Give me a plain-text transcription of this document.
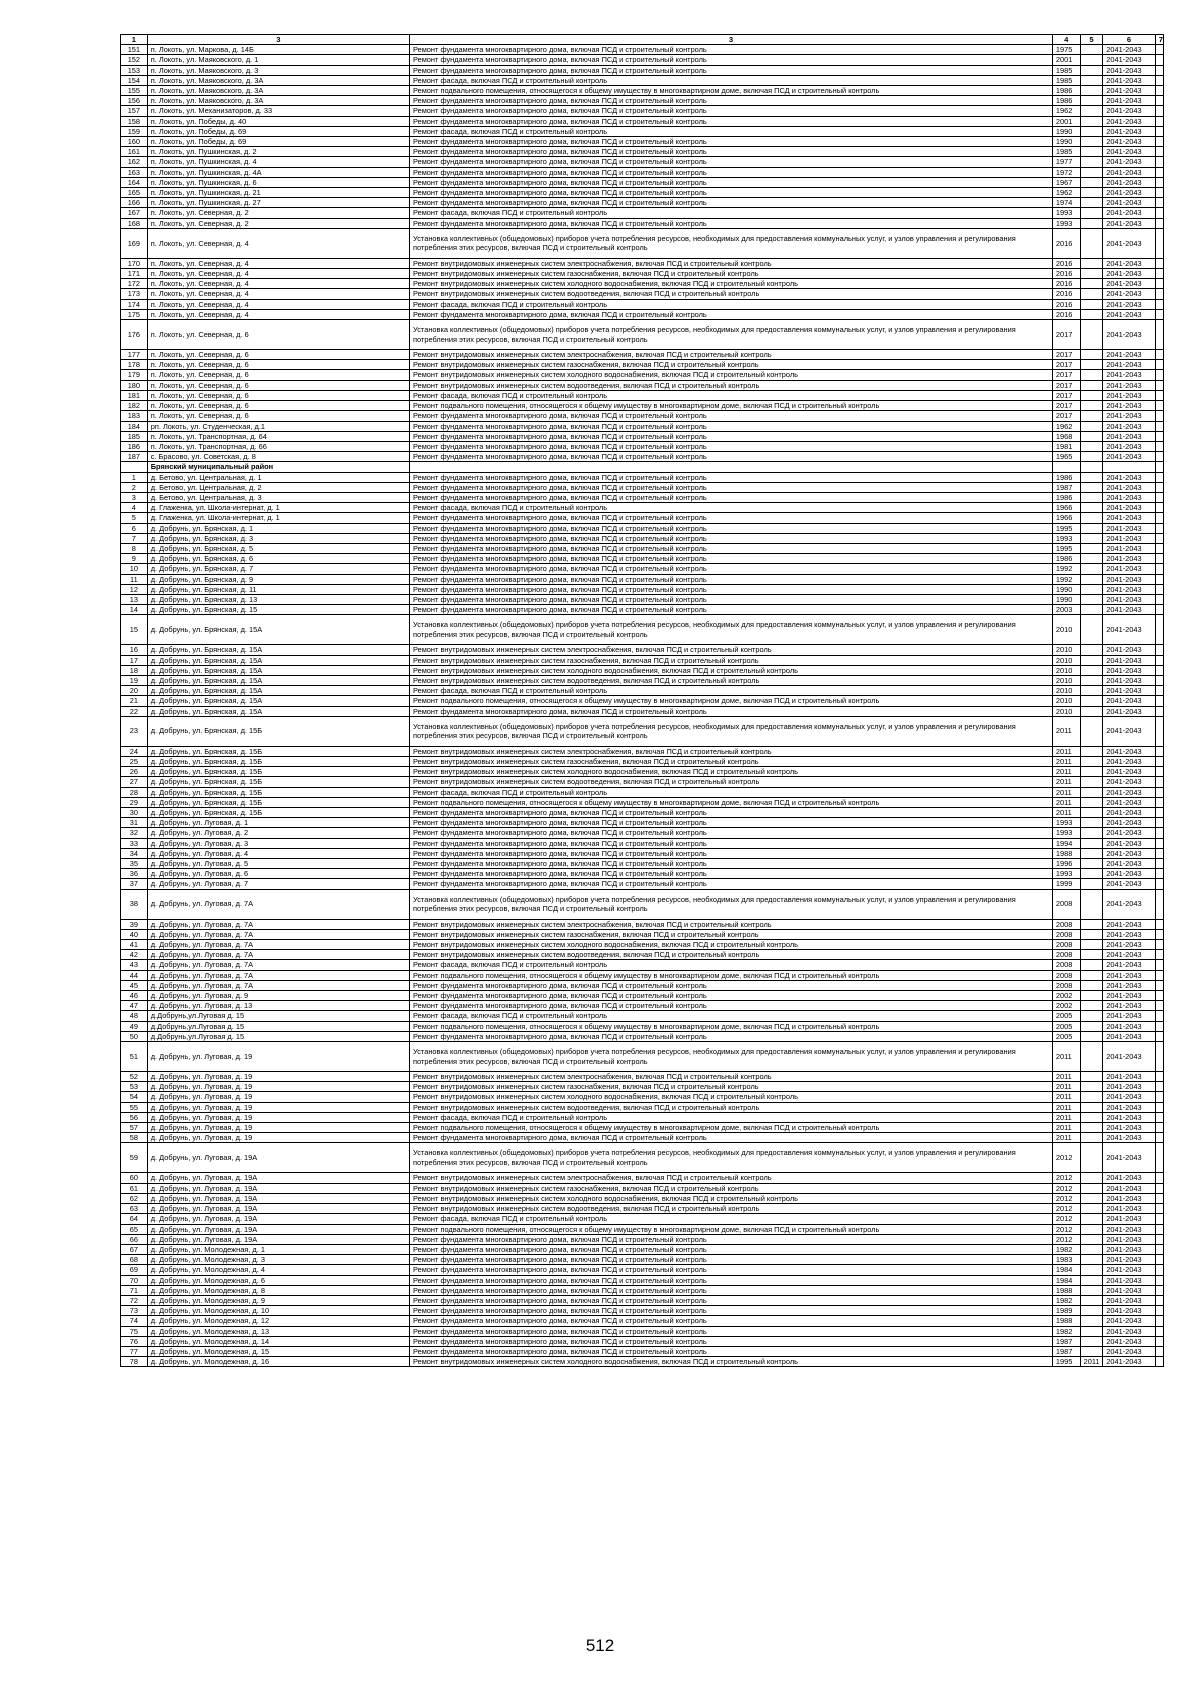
1	3	3	4	5	6	7
151	п. Локоть, ул. Маркова, д. 14Б	Ремонт фундамента многоквартирного дома, включая ПСД и строительный контроль	1975		2041-2043	
152	п. Локоть, ул. Маяковского, д. 1	Ремонт фундамента многоквартирного дома, включая ПСД и строительный контроль	2001		2041-2043	
153	п. Локоть, ул. Маяковского, д. 3	Ремонт фундамента многоквартирного дома, включая ПСД и строительный контроль	1985		2041-2043	
154	п. Локоть, ул. Маяковского, д. 3А	Ремонт фасада, включая ПСД и строительный контроль	1985		2041-2043	
155	п. Локоть, ул. Маяковского, д. 3А	Ремонт подвального помещения, относящегося к общему имуществу в многоквартирном доме, включая ПСД и строительный контроль	1986		2041-2043	
156	п. Локоть, ул. Маяковского, д. 3А	Ремонт фундамента многоквартирного дома, включая ПСД и строительный контроль	1986		2041-2043	
157	п. Локоть, ул. Механизаторов, д. 33	Ремонт фундамента многоквартирного дома, включая ПСД и строительный контроль	1962		2041-2043	
158	п. Локоть, ул. Победы, д. 40	Ремонт фундамента многоквартирного дома, включая ПСД и строительный контроль	2001		2041-2043	
159	п. Локоть, ул. Победы, д. 69	Ремонт фасада, включая ПСД и строительный контроль	1990		2041-2043	
160	п. Локоть, ул. Победы, д. 69	Ремонт фундамента многоквартирного дома, включая ПСД и строительный контроль	1990		2041-2043	
161	п. Локоть, ул. Пушкинская, д. 2	Ремонт фундамента многоквартирного дома, включая ПСД и строительный контроль	1985		2041-2043	
162	п. Локоть, ул. Пушкинская, д. 4	Ремонт фундамента многоквартирного дома, включая ПСД и строительный контроль	1977		2041-2043	
163	п. Локоть, ул. Пушкинская, д. 4А	Ремонт фундамента многоквартирного дома, включая ПСД и строительный контроль	1972		2041-2043	
164	п. Локоть, ул. Пушкинская, д. 6	Ремонт фундамента многоквартирного дома, включая ПСД и строительный контроль	1967		2041-2043	
165	п. Локоть, ул. Пушкинская, д. 21	Ремонт фундамента многоквартирного дома, включая ПСД и строительный контроль	1962		2041-2043	
166	п. Локоть, ул. Пушкинская, д. 27	Ремонт фундамента многоквартирного дома, включая ПСД и строительный контроль	1974		2041-2043	
167	п. Локоть, ул. Северная, д. 2	Ремонт фасада, включая ПСД и строительный контроль	1993		2041-2043	
168	п. Локоть, ул. Северная, д. 2	Ремонт фундамента многоквартирного дома, включая ПСД и строительный контроль	1993		2041-2043	
169	п. Локоть, ул. Северная, д. 4	Установка коллективных (общедомовых) приборов учета потребления ресурсов, необходимых для предоставления коммунальных услуг, и узлов управления и регулирования потребления этих ресурсов, включая ПСД и строительный контроль	2016		2041-2043	
170	п. Локоть, ул. Северная, д. 4	Ремонт внутридомовых инженерных систем электроснабжения, включая ПСД и строительный контроль	2016		2041-2043	
171	п. Локоть, ул. Северная, д. 4	Ремонт внутридомовых инженерных систем газоснабжения, включая ПСД и строительный контроль	2016		2041-2043	
172	п. Локоть, ул. Северная, д. 4	Ремонт внутридомовых инженерных систем холодного водоснабжения, включая ПСД и строительный контроль	2016		2041-2043	
173	п. Локоть, ул. Северная, д. 4	Ремонт внутридомовых инженерных систем водоотведения, включая ПСД и строительный контроль	2016		2041-2043	
174	п. Локоть, ул. Северная, д. 4	Ремонт фасада, включая ПСД и строительный контроль	2016		2041-2043	
175	п. Локоть, ул. Северная, д. 4	Ремонт фундамента многоквартирного дома, включая ПСД и строительный контроль	2016		2041-2043	
176	п. Локоть, ул. Северная, д. 6	Установка коллективных (общедомовых) приборов учета потребления ресурсов, необходимых для предоставления коммунальных услуг, и узлов управления и регулирования потребления этих ресурсов, включая ПСД и строительный контроль	2017		2041-2043	
177	п. Локоть, ул. Северная, д. 6	Ремонт внутридомовых инженерных систем электроснабжения, включая ПСД и строительный контроль	2017		2041-2043	
178	п. Локоть, ул. Северная, д. 6	Ремонт внутридомовых инженерных систем газоснабжения, включая ПСД и строительный контроль	2017		2041-2043	
179	п. Локоть, ул. Северная, д. 6	Ремонт внутридомовых инженерных систем холодного водоснабжения, включая ПСД и строительный контроль	2017		2041-2043	
180	п. Локоть, ул. Северная, д. 6	Ремонт внутридомовых инженерных систем водоотведения, включая ПСД и строительный контроль	2017		2041-2043	
181	п. Локоть, ул. Северная, д. 6	Ремонт фасада, включая ПСД и строительный контроль	2017		2041-2043	
182	п. Локоть, ул. Северная, д. 6	Ремонт подвального помещения, относящегося к общему имуществу в многоквартирном доме, включая ПСД и строительный контроль	2017		2041-2043	
183	п. Локоть, ул. Северная, д. 6	Ремонт фундамента многоквартирного дома, включая ПСД и строительный контроль	2017		2041-2043	
184	рп. Локоть, ул. Студенческая, д.1	Ремонт фундамента многоквартирного дома, включая ПСД и строительный контроль	1962		2041-2043	
185	п. Локоть, ул. Транспортная, д. 64	Ремонт фундамента многоквартирного дома, включая ПСД и строительный контроль	1968		2041-2043	
186	п. Локоть, ул. Транспортная, д. 66	Ремонт фундамента многоквартирного дома, включая ПСД и строительный контроль	1981		2041-2043	
187	с. Брасово, ул. Советская, д. 8	Ремонт фундамента многоквартирного дома, включая ПСД и строительный контроль	1965		2041-2043	
	Брянский муниципальный район					
1	д. Бетово, ул. Центральная, д. 1	Ремонт фундамента многоквартирного дома, включая ПСД и строительный контроль	1986		2041-2043	
2	д. Бетово, ул. Центральная, д. 2	Ремонт фундамента многоквартирного дома, включая ПСД и строительный контроль	1987		2041-2043	
3	д. Бетово, ул. Центральная, д. 3	Ремонт фундамента многоквартирного дома, включая ПСД и строительный контроль	1986		2041-2043	
4	д. Глаженка, ул. Школа-интернат, д. 1	Ремонт фасада, включая ПСД и строительный контроль	1966		2041-2043	
5	д. Глаженка, ул. Школа-интернат, д. 1	Ремонт фундамента многоквартирного дома, включая ПСД и строительный контроль	1966		2041-2043	
6	д. Добрунь, ул. Брянская, д. 1	Ремонт фундамента многоквартирного дома, включая ПСД и строительный контроль	1995		2041-2043	
7	д. Добрунь, ул. Брянская, д. 3	Ремонт фундамента многоквартирного дома, включая ПСД и строительный контроль	1993		2041-2043	
8	д. Добрунь, ул. Брянская, д. 5	Ремонт фундамента многоквартирного дома, включая ПСД и строительный контроль	1995		2041-2043	
9	д. Добрунь, ул. Брянская, д. 6	Ремонт фундамента многоквартирного дома, включая ПСД и строительный контроль	1986		2041-2043	
10	д. Добрунь, ул. Брянская, д. 7	Ремонт фундамента многоквартирного дома, включая ПСД и строительный контроль	1992		2041-2043	
11	д. Добрунь, ул. Брянская, д. 9	Ремонт фундамента многоквартирного дома, включая ПСД и строительный контроль	1992		2041-2043	
12	д. Добрунь, ул. Брянская, д. 11	Ремонт фундамента многоквартирного дома, включая ПСД и строительный контроль	1990		2041-2043	
13	д. Добрунь, ул. Брянская, д. 13	Ремонт фундамента многоквартирного дома, включая ПСД и строительный контроль	1990		2041-2043	
14	д. Добрунь, ул. Брянская, д. 15	Ремонт фундамента многоквартирного дома, включая ПСД и строительный контроль	2003		2041-2043	
15	д. Добрунь, ул. Брянская, д. 15А	Установка коллективных (общедомовых) приборов учета потребления ресурсов, необходимых для предоставления коммунальных услуг, и узлов управления и регулирования потребления этих ресурсов, включая ПСД и строительный контроль	2010		2041-2043	
16	д. Добрунь, ул. Брянская, д. 15А	Ремонт внутридомовых инженерных систем электроснабжения, включая ПСД и строительный контроль	2010		2041-2043	
17	д. Добрунь, ул. Брянская, д. 15А	Ремонт внутридомовых инженерных систем газоснабжения, включая ПСД и строительный контроль	2010		2041-2043	
18	д. Добрунь, ул. Брянская, д. 15А	Ремонт внутридомовых инженерных систем холодного водоснабжения, включая ПСД и строительный контроль	2010		2041-2043	
19	д. Добрунь, ул. Брянская, д. 15А	Ремонт внутридомовых инженерных систем водоотведения, включая ПСД и строительный контроль	2010		2041-2043	
20	д. Добрунь, ул. Брянская, д. 15А	Ремонт фасада, включая ПСД и строительный контроль	2010		2041-2043	
21	д. Добрунь, ул. Брянская, д. 15А	Ремонт подвального помещения, относящегося к общему имуществу в многоквартирном доме, включая ПСД и строительный контроль	2010		2041-2043	
22	д. Добрунь, ул. Брянская, д. 15А	Ремонт фундамента многоквартирного дома, включая ПСД и строительный контроль	2010		2041-2043	
23	д. Добрунь, ул. Брянская, д. 15Б	Установка коллективных (общедомовых) приборов учета потребления ресурсов, необходимых для предоставления коммунальных услуг, и узлов управления и регулирования потребления этих ресурсов, включая ПСД и строительный контроль	2011		2041-2043	
24	д. Добрунь, ул. Брянская, д. 15Б	Ремонт внутридомовых инженерных систем электроснабжения, включая ПСД и строительный контроль	2011		2041-2043	
25	д. Добрунь, ул. Брянская, д. 15Б	Ремонт внутридомовых инженерных систем газоснабжения, включая ПСД и строительный контроль	2011		2041-2043	
26	д. Добрунь, ул. Брянская, д. 15Б	Ремонт внутридомовых инженерных систем холодного водоснабжения, включая ПСД и строительный контроль	2011		2041-2043	
27	д. Добрунь, ул. Брянская, д. 15Б	Ремонт внутридомовых инженерных систем водоотведения, включая ПСД и строительный контроль	2011		2041-2043	
28	д. Добрунь, ул. Брянская, д. 15Б	Ремонт фасада, включая ПСД и строительный контроль	2011		2041-2043	
29	д. Добрунь, ул. Брянская, д. 15Б	Ремонт подвального помещения, относящегося к общему имуществу в многоквартирном доме, включая ПСД и строительный контроль	2011		2041-2043	
30	д. Добрунь, ул. Брянская, д. 15Б	Ремонт фундамента многоквартирного дома, включая ПСД и строительный контроль	2011		2041-2043	
31	д. Добрунь, ул. Луговая, д. 1	Ремонт фундамента многоквартирного дома, включая ПСД и строительный контроль	1993		2041-2043	
32	д. Добрунь, ул. Луговая, д. 2	Ремонт фундамента многоквартирного дома, включая ПСД и строительный контроль	1993		2041-2043	
33	д. Добрунь, ул. Луговая, д. 3	Ремонт фундамента многоквартирного дома, включая ПСД и строительный контроль	1994		2041-2043	
34	д. Добрунь, ул. Луговая, д. 4	Ремонт фундамента многоквартирного дома, включая ПСД и строительный контроль	1988		2041-2043	
35	д. Добрунь, ул. Луговая, д. 5	Ремонт фундамента многоквартирного дома, включая ПСД и строительный контроль	1996		2041-2043	
36	д. Добрунь, ул. Луговая, д. 6	Ремонт фундамента многоквартирного дома, включая ПСД и строительный контроль	1993		2041-2043	
37	д. Добрунь, ул. Луговая, д. 7	Ремонт фундамента многоквартирного дома, включая ПСД и строительный контроль	1999		2041-2043	
38	д. Добрунь, ул. Луговая, д. 7А	Установка коллективных (общедомовых) приборов учета потребления ресурсов, необходимых для предоставления коммунальных услуг, и узлов управления и регулирования потребления этих ресурсов, включая ПСД и строительный контроль	2008		2041-2043	
39	д. Добрунь, ул. Луговая, д. 7А	Ремонт внутридомовых инженерных систем электроснабжения, включая ПСД и строительный контроль	2008		2041-2043	
40	д. Добрунь, ул. Луговая, д. 7А	Ремонт внутридомовых инженерных систем газоснабжения, включая ПСД и строительный контроль	2008		2041-2043	
41	д. Добрунь, ул. Луговая, д. 7А	Ремонт внутридомовых инженерных систем холодного водоснабжения, включая ПСД и строительный контроль	2008		2041-2043	
42	д. Добрунь, ул. Луговая, д. 7А	Ремонт внутридомовых инженерных систем водоотведения, включая ПСД и строительный контроль	2008		2041-2043	
43	д. Добрунь, ул. Луговая, д. 7А	Ремонт фасада, включая ПСД и строительный контроль	2008		2041-2043	
44	д. Добрунь, ул. Луговая, д. 7А	Ремонт подвального помещения, относящегося к общему имуществу в многоквартирном доме, включая ПСД и строительный контроль	2008		2041-2043	
45	д. Добрунь, ул. Луговая, д. 7А	Ремонт фундамента многоквартирного дома, включая ПСД и строительный контроль	2008		2041-2043	
46	д. Добрунь, ул. Луговая, д. 9	Ремонт фундамента многоквартирного дома, включая ПСД и строительный контроль	2002		2041-2043	
47	д. Добрунь, ул. Луговая, д. 13	Ремонт фундамента многоквартирного дома, включая ПСД и строительный контроль	2002		2041-2043	
48	д.Добрунь,ул.Луговая д. 15	Ремонт фасада, включая ПСД и строительный контроль	2005		2041-2043	
49	д.Добрунь,ул.Луговая д. 15	Ремонт подвального помещения, относящегося к общему имуществу в многоквартирном доме, включая ПСД и строительный контроль	2005		2041-2043	
50	д.Добрунь,ул.Луговая д. 15	Ремонт фундамента многоквартирного дома, включая ПСД и строительный контроль	2005		2041-2043	
51	д. Добрунь, ул. Луговая, д. 19	Установка коллективных (общедомовых) приборов учета потребления ресурсов, необходимых для предоставления коммунальных услуг, и узлов управления и регулирования потребления этих ресурсов, включая ПСД и строительный контроль	2011		2041-2043	
52	д. Добрунь, ул. Луговая, д. 19	Ремонт внутридомовых инженерных систем электроснабжения, включая ПСД и строительный контроль	2011		2041-2043	
53	д. Добрунь, ул. Луговая, д. 19	Ремонт внутридомовых инженерных систем газоснабжения, включая ПСД и строительный контроль	2011		2041-2043	
54	д. Добрунь, ул. Луговая, д. 19	Ремонт внутридомовых инженерных систем холодного водоснабжения, включая ПСД и строительный контроль	2011		2041-2043	
55	д. Добрунь, ул. Луговая, д. 19	Ремонт внутридомовых инженерных систем водоотведения, включая ПСД и строительный контроль	2011		2041-2043	
56	д. Добрунь, ул. Луговая, д. 19	Ремонт фасада, включая ПСД и строительный контроль	2011		2041-2043	
57	д. Добрунь, ул. Луговая, д. 19	Ремонт подвального помещения, относящегося к общему имуществу в многоквартирном доме, включая ПСД и строительный контроль	2011		2041-2043	
58	д. Добрунь, ул. Луговая, д. 19	Ремонт фундамента многоквартирного дома, включая ПСД и строительный контроль	2011		2041-2043	
59	д. Добрунь, ул. Луговая, д. 19А	Установка коллективных (общедомовых) приборов учета потребления ресурсов, необходимых для предоставления коммунальных услуг, и узлов управления и регулирования потребления этих ресурсов, включая ПСД и строительный контроль	2012		2041-2043	
60	д. Добрунь, ул. Луговая, д. 19А	Ремонт внутридомовых инженерных систем электроснабжения, включая ПСД и строительный контроль	2012		2041-2043	
61	д. Добрунь, ул. Луговая, д. 19А	Ремонт внутридомовых инженерных систем газоснабжения, включая ПСД и строительный контроль	2012		2041-2043	
62	д. Добрунь, ул. Луговая, д. 19А	Ремонт внутридомовых инженерных систем холодного водоснабжения, включая ПСД и строительный контроль	2012		2041-2043	
63	д. Добрунь, ул. Луговая, д. 19А	Ремонт внутридомовых инженерных систем водоотведения, включая ПСД и строительный контроль	2012		2041-2043	
64	д. Добрунь, ул. Луговая, д. 19А	Ремонт фасада, включая ПСД и строительный контроль	2012		2041-2043	
65	д. Добрунь, ул. Луговая, д. 19А	Ремонт подвального помещения, относящегося к общему имуществу в многоквартирном доме, включая ПСД и строительный контроль	2012		2041-2043	
66	д. Добрунь, ул. Луговая, д. 19А	Ремонт фундамента многоквартирного дома, включая ПСД и строительный контроль	2012		2041-2043	
67	д. Добрунь, ул. Молодежная, д. 1	Ремонт фундамента многоквартирного дома, включая ПСД и строительный контроль	1982		2041-2043	
68	д. Добрунь, ул. Молодежная, д. 3	Ремонт фундамента многоквартирного дома, включая ПСД и строительный контроль	1983		2041-2043	
69	д. Добрунь, ул. Молодежная, д. 4	Ремонт фундамента многоквартирного дома, включая ПСД и строительный контроль	1984		2041-2043	
70	д. Добрунь, ул. Молодежная, д. 6	Ремонт фундамента многоквартирного дома, включая ПСД и строительный контроль	1984		2041-2043	
71	д. Добрунь, ул. Молодежная, д. 8	Ремонт фундамента многоквартирного дома, включая ПСД и строительный контроль	1988		2041-2043	
72	д. Добрунь, ул. Молодежная, д. 9	Ремонт фундамента многоквартирного дома, включая ПСД и строительный контроль	1982		2041-2043	
73	д. Добрунь, ул. Молодежная, д. 10	Ремонт фундамента многоквартирного дома, включая ПСД и строительный контроль	1989		2041-2043	
74	д. Добрунь, ул. Молодежная, д. 12	Ремонт фундамента многоквартирного дома, включая ПСД и строительный контроль	1988		2041-2043	
75	д. Добрунь, ул. Молодежная, д. 13	Ремонт фундамента многоквартирного дома, включая ПСД и строительный контроль	1982		2041-2043	
76	д. Добрунь, ул. Молодежная, д. 14	Ремонт фундамента многоквартирного дома, включая ПСД и строительный контроль	1987		2041-2043	
77	д. Добрунь, ул. Молодежная, д. 15	Ремонт фундамента многоквартирного дома, включая ПСД и строительный контроль	1987		2041-2043	
78	д. Добрунь, ул. Молодежная, д. 16	Ремонт внутридомовых инженерных систем холодного водоснабжения, включая ПСД и строительный контроль	1995	2011	2041-2043	
512
